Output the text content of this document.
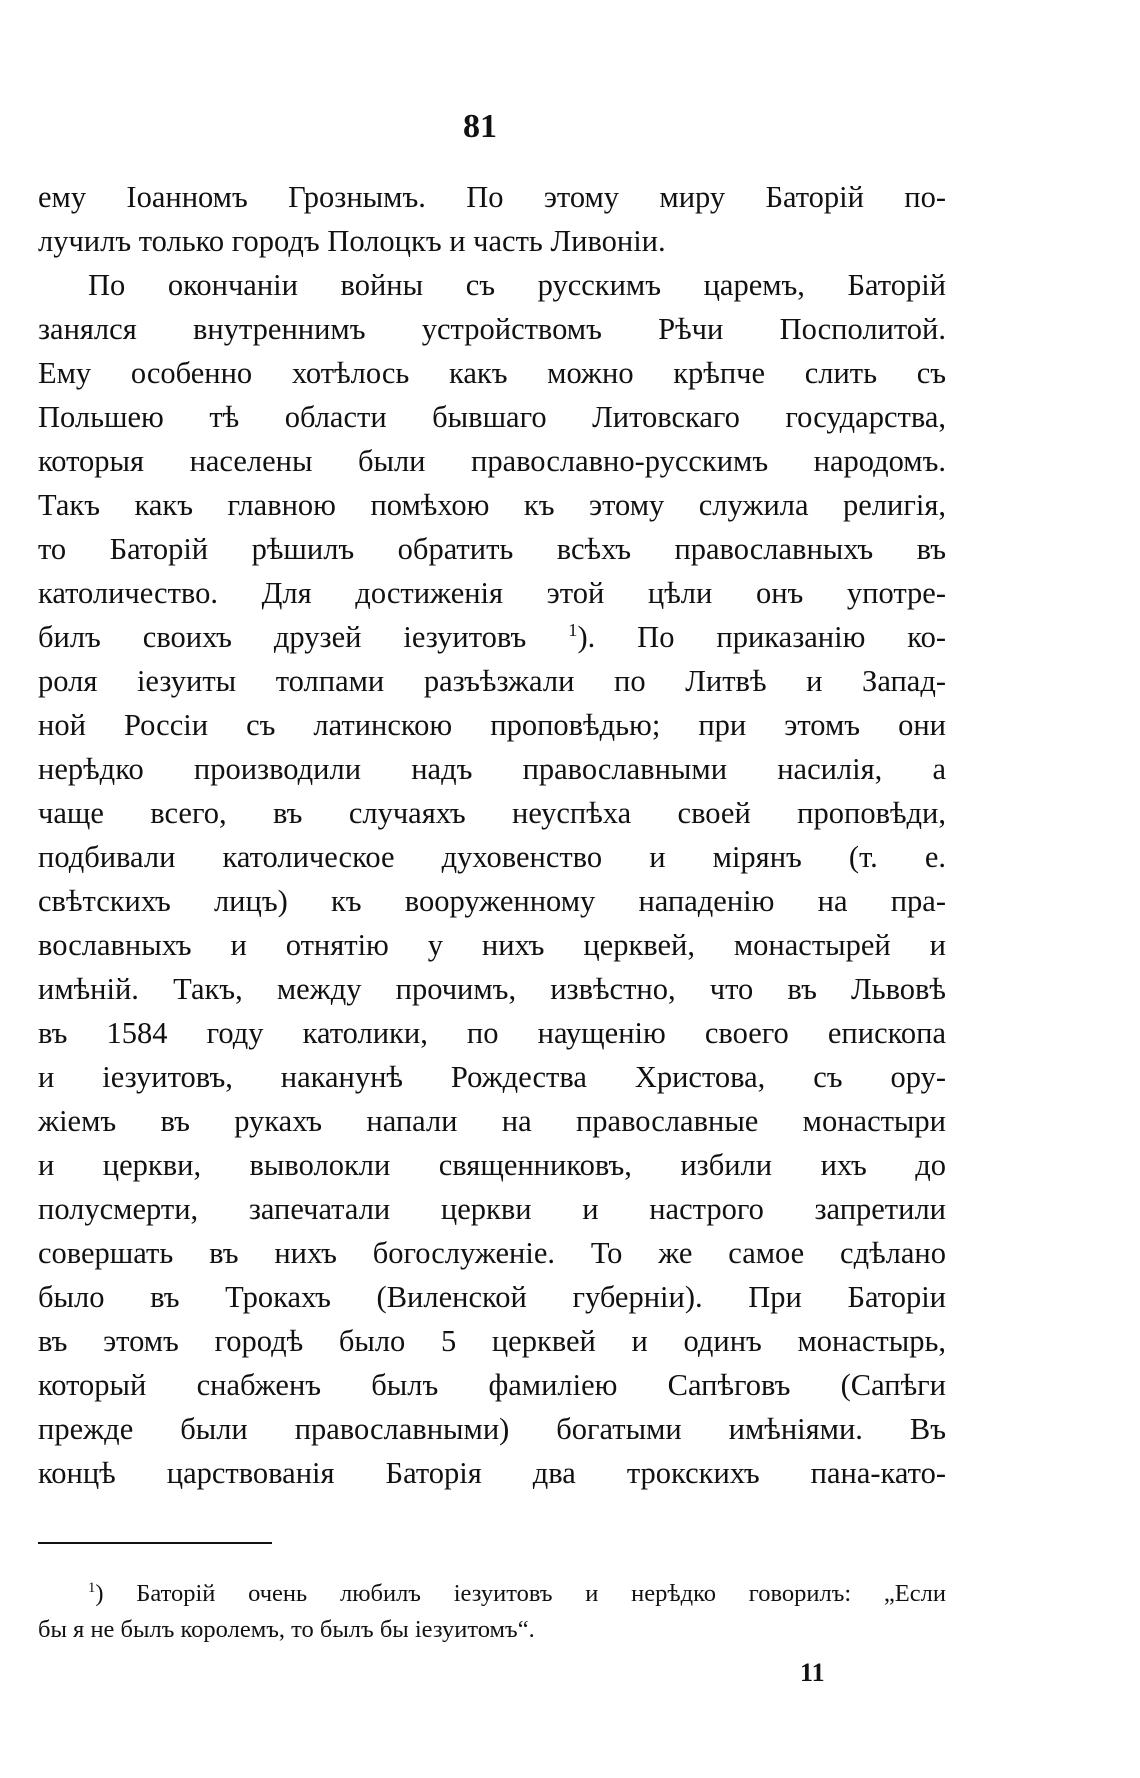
81
ему Іоанномъ Грознымъ. По этому миру Баторій по-
лучилъ только городъ Полоцкъ и часть Ливоніи.
По окончаніи войны съ русскимъ царемъ, Баторій
занялся внутреннимъ устройствомъ Рѣчи Посполитой.
Ему особенно хотѣлось какъ можно крѣпче слить съ
Польшею тѣ области бывшаго Литовскаго государства,
которыя населены были православно-русскимъ народомъ.
Такъ какъ главною помѣхою къ этому служила религія,
то Баторій рѣшилъ обратить всѣхъ православныхъ въ
католичество. Для достиженія этой цѣли онъ употре-
билъ своихъ друзей іезуитовъ $^1$). По приказанію ко-
роля іезуиты толпами разъѣзжали по Литвѣ и Запад-
ной Россіи съ латинскою проповѣдью; при этомъ они
нерѣдко производили надъ православными насилія, а
чаще всего, въ случаяхъ неуспѣха своей проповѣди,
подбивали католическое духовенство и мірянъ (т. е.
свѣтскихъ лицъ) къ вооруженному нападенію на пра-
вославныхъ и отнятію у нихъ церквей, монастырей и
имѣній. Такъ, между прочимъ, извѣстно, что въ Львовѣ
въ 1584 году католики, по наущенію своего епископа
и іезуитовъ, наканунѣ Рождества Христова, съ ору-
жіемъ въ рукахъ напали на православные монастыри
и церкви, выволокли священниковъ, избили ихъ до
полусмерти, запечатали церкви и настрого запретили
совершать въ нихъ богослуженіе. То же самое сдѣлано
было въ Трокахъ (Виленской губерніи). При Баторіи
въ этомъ городѣ было 5 церквей и одинъ монастырь,
который снабженъ былъ фамиліею Сапѣговъ (Сапѣги
прежде были православными) богатыми имѣніями. Въ
концѣ царствованія Баторія два трокскихъ пана-като-
$^1$) Баторій очень любилъ іезуитовъ и нерѣдко говорилъ: „Если
бы я не былъ королемъ, то былъ бы іезуитомъ“.
11
